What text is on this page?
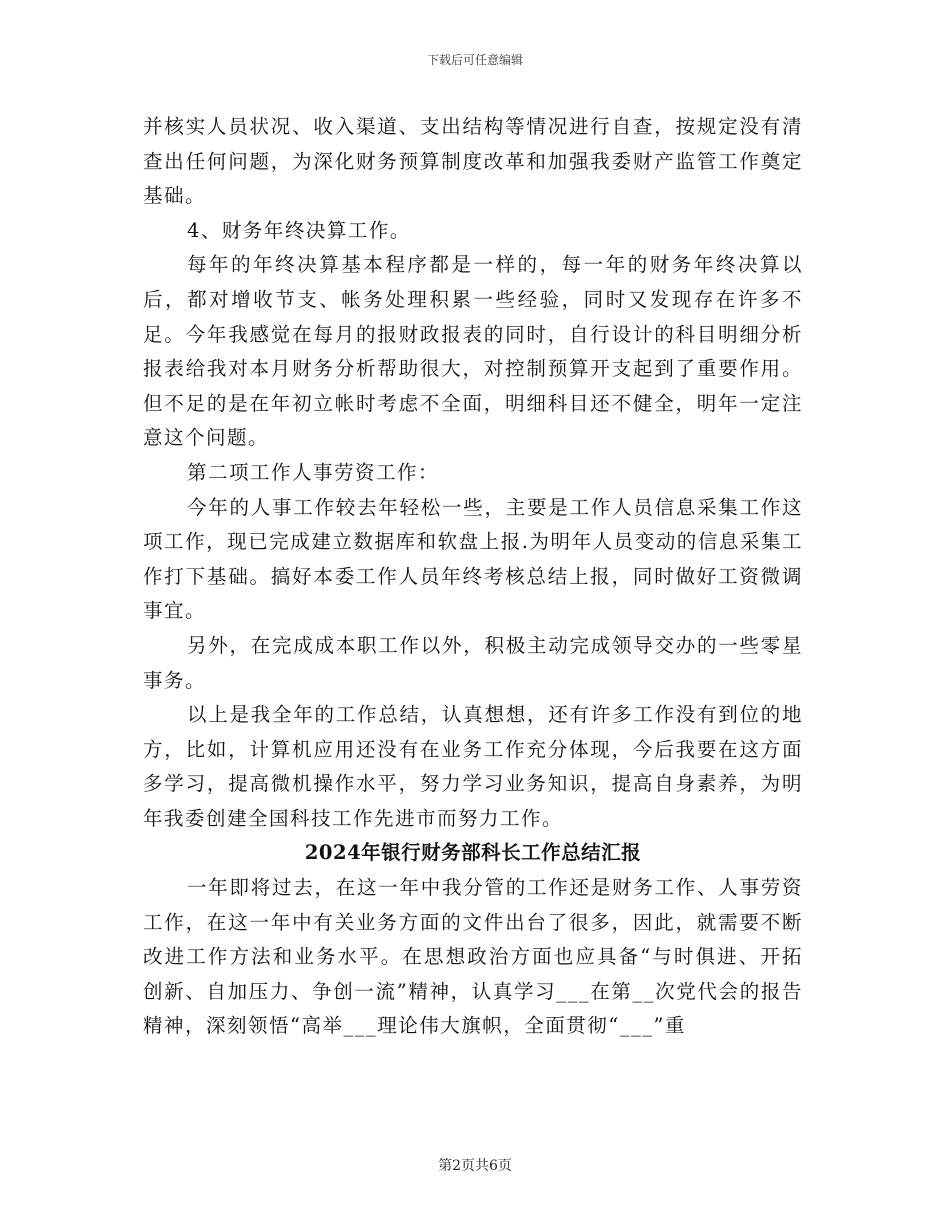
下载后可任意编辑

并核实人员状况、收入渠道、支出结构等情况进行自查，按规定没有清查出任何问题，为深化财务预算制度改革和加强我委财产监管工作奠定基础。

4、财务年终决算工作。

每年的年终决算基本程序都是一样的，每一年的财务年终决算以后，都对增收节支、帐务处理积累一些经验，同时又发现存在许多不足。今年我感觉在每月的报财政报表的同时，自行设计的科目明细分析报表给我对本月财务分析帮助很大，对控制预算开支起到了重要作用。但不足的是在年初立帐时考虑不全面，明细科目还不健全，明年一定注意这个问题。

第二项工作人事劳资工作：

今年的人事工作较去年轻松一些，主要是工作人员信息采集工作这项工作，现已完成建立数据库和软盘上报.为明年人员变动的信息采集工作打下基础。搞好本委工作人员年终考核总结上报，同时做好工资微调事宜。

另外，在完成成本职工作以外，积极主动完成领导交办的一些零星事务。

以上是我全年的工作总结，认真想想，还有许多工作没有到位的地方，比如，计算机应用还没有在业务工作充分体现，今后我要在这方面多学习，提高微机操作水平，努力学习业务知识，提高自身素养，为明年我委创建全国科技工作先进市而努力工作。

2024年银行财务部科长工作总结汇报

一年即将过去，在这一年中我分管的工作还是财务工作、人事劳资工作，在这一年中有关业务方面的文件出台了很多，因此，就需要不断改进工作方法和业务水平。在思想政治方面也应具备“与时俱进、开拓创新、自加压力、争创一流”精神，认真学习___在第__次党代会的报告精神，深刻领悟“高举___理论伟大旗帜，全面贯彻“___”重

第2页共6页
